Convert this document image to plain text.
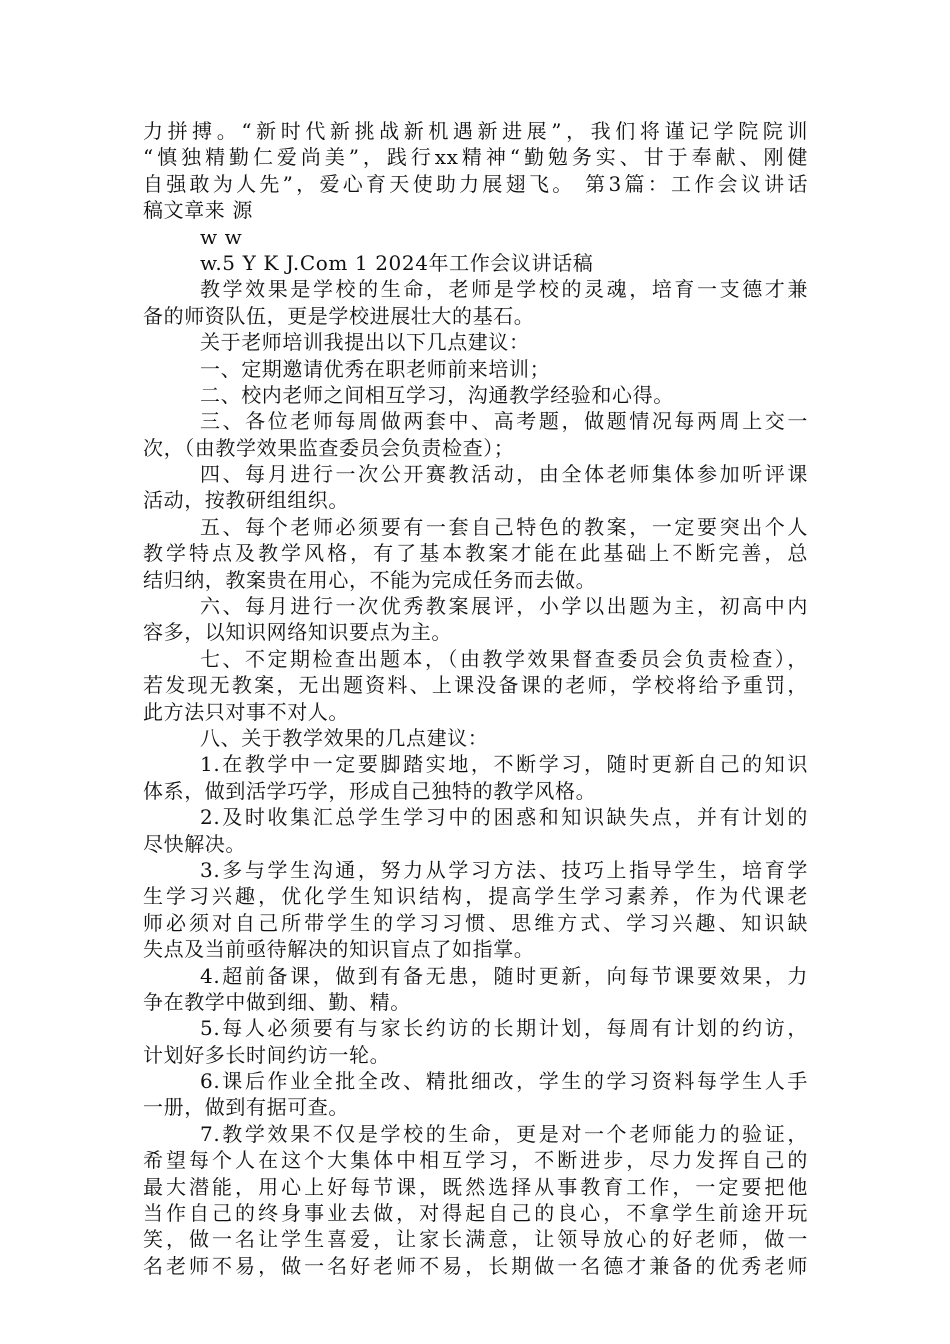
力拼搏。“新时代新挑战新机遇新进展”，我们将谨记学院院训
“慎独精勤仁爱尚美”，践行xx精神“勤勉务实、甘于奉献、刚健
自强敢为人先”，爱心育天使助力展翅飞。 第3篇：工作会议讲话
稿文章来 源
w w
w.5 Y K J.Com 1 2024年工作会议讲话稿
教学效果是学校的生命，老师是学校的灵魂，培育一支德才兼
备的师资队伍，更是学校进展壮大的基石。
关于老师培训我提出以下几点建议：
一、定期邀请优秀在职老师前来培训；
二、校内老师之间相互学习，沟通教学经验和心得。
三、各位老师每周做两套中、高考题，做题情况每两周上交一
次，（由教学效果监查委员会负责检查）；
四、每月进行一次公开赛教活动，由全体老师集体参加听评课
活动，按教研组组织。
五、每个老师必须要有一套自己特色的教案，一定要突出个人
教学特点及教学风格，有了基本教案才能在此基础上不断完善，总
结归纳，教案贵在用心，不能为完成任务而去做。
六、每月进行一次优秀教案展评，小学以出题为主，初高中内
容多，以知识网络知识要点为主。
七、不定期检查出题本，（由教学效果督查委员会负责检查），
若发现无教案，无出题资料、上课没备课的老师，学校将给予重罚，
此方法只对事不对人。
八、关于教学效果的几点建议：
1.在教学中一定要脚踏实地，不断学习，随时更新自己的知识
体系，做到活学巧学，形成自己独特的教学风格。
2.及时收集汇总学生学习中的困惑和知识缺失点，并有计划的
尽快解决。
3.多与学生沟通，努力从学习方法、技巧上指导学生，培育学
生学习兴趣，优化学生知识结构，提高学生学习素养，作为代课老
师必须对自己所带学生的学习习惯、思维方式、学习兴趣、知识缺
失点及当前亟待解决的知识盲点了如指掌。
4.超前备课，做到有备无患，随时更新，向每节课要效果，力
争在教学中做到细、勤、精。
5.每人必须要有与家长约访的长期计划，每周有计划的约访，
计划好多长时间约访一轮。
6.课后作业全批全改、精批细改，学生的学习资料每学生人手
一册，做到有据可查。
7.教学效果不仅是学校的生命，更是对一个老师能力的验证，
希望每个人在这个大集体中相互学习，不断进步，尽力发挥自己的
最大潜能，用心上好每节课，既然选择从事教育工作，一定要把他
当作自己的终身事业去做，对得起自己的良心，不拿学生前途开玩
笑，做一名让学生喜爱，让家长满意，让领导放心的好老师，做一
名老师不易，做一名好老师不易，长期做一名德才兼备的优秀老师
